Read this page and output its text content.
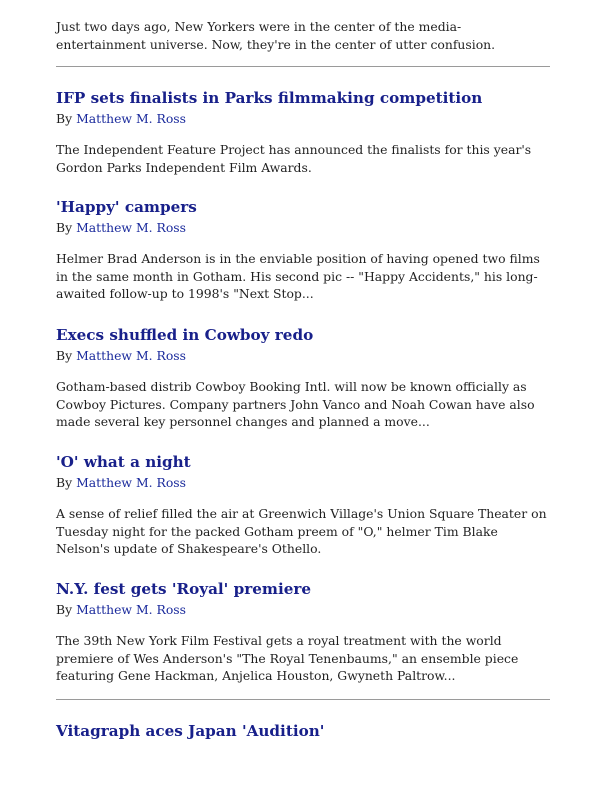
Just two days ago, New Yorkers were in the center of the media-entertainment universe. Now, they're in the center of utter confusion.

IFP sets finalists in Parks filmmaking competition

By Matthew M. Ross

The Independent Feature Project has announced the finalists for this year's Gordon Parks Independent Film Awards.

'Happy' campers

By Matthew M. Ross

Helmer Brad Anderson is in the enviable position of having opened two films in the same month in Gotham. His second pic -- "Happy Accidents," his long-awaited follow-up to 1998's "Next Stop...

Execs shuffled in Cowboy redo

By Matthew M. Ross

Gotham-based distrib Cowboy Booking Intl. will now be known officially as Cowboy Pictures. Company partners John Vanco and Noah Cowan have also made several key personnel changes and planned a move...

'O' what a night

By Matthew M. Ross

A sense of relief filled the air at Greenwich Village's Union Square Theater on Tuesday night for the packed Gotham preem of "O," helmer Tim Blake Nelson's update of Shakespeare's Othello.

N.Y. fest gets 'Royal' premiere

By Matthew M. Ross

The 39th New York Film Festival gets a royal treatment with the world premiere of Wes Anderson's "The Royal Tenenbaums," an ensemble piece featuring Gene Hackman, Anjelica Houston, Gwyneth Paltrow...

Vitagraph aces Japan 'Audition'
